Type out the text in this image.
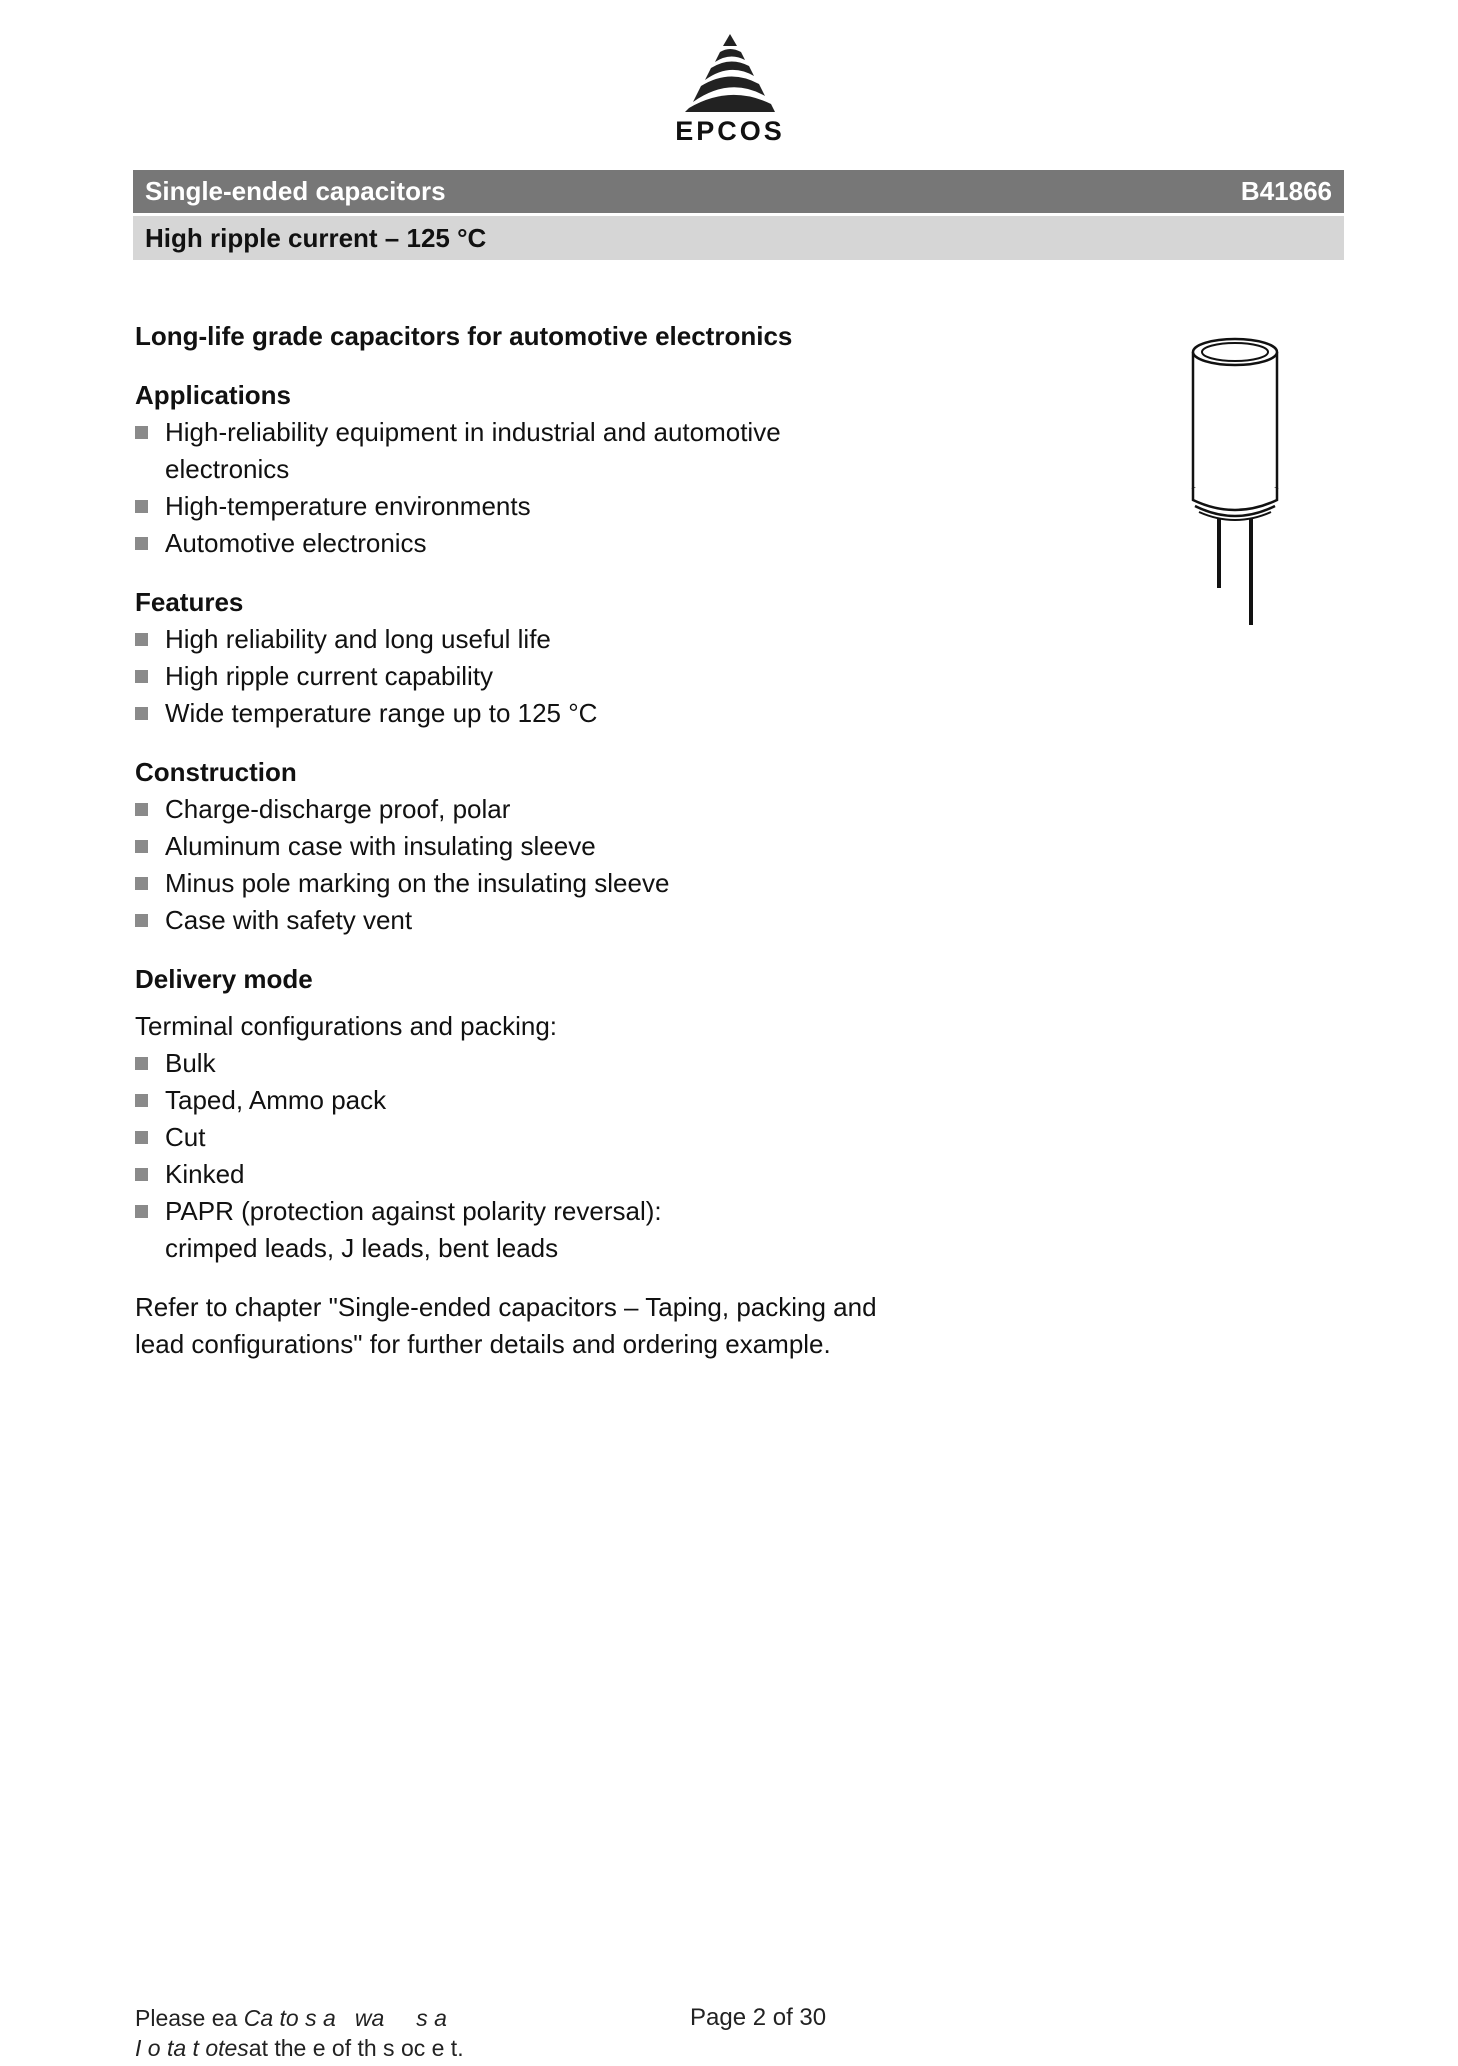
EPCOS
Single-ended capacitors	B41866
High ripple current – 125 °C

Long-life grade capacitors for automotive electronics

Applications

High-reliability equipment in industrial and automotive electronics
High-temperature environments
Automotive electronics

Features

High reliability and long useful life
High ripple current capability
Wide temperature range up to 125 °C

Construction

Charge-discharge proof, polar
Aluminum case with insulating sleeve
Minus pole marking on the insulating sleeve
Case with safety vent

Delivery mode

Terminal configurations and packing:

Bulk
Taped, Ammo pack
Cut
Kinked
PAPR (protection against polarity reversal): crimped leads, J leads, bent leads

Refer to chapter "Single-ended capacitors – Taping, packing and lead configurations" for further details and ordering example.

Please ea Ca to s a wa s a
I o ta t otesat the e of th s oc e t.
Page 2 of 30
